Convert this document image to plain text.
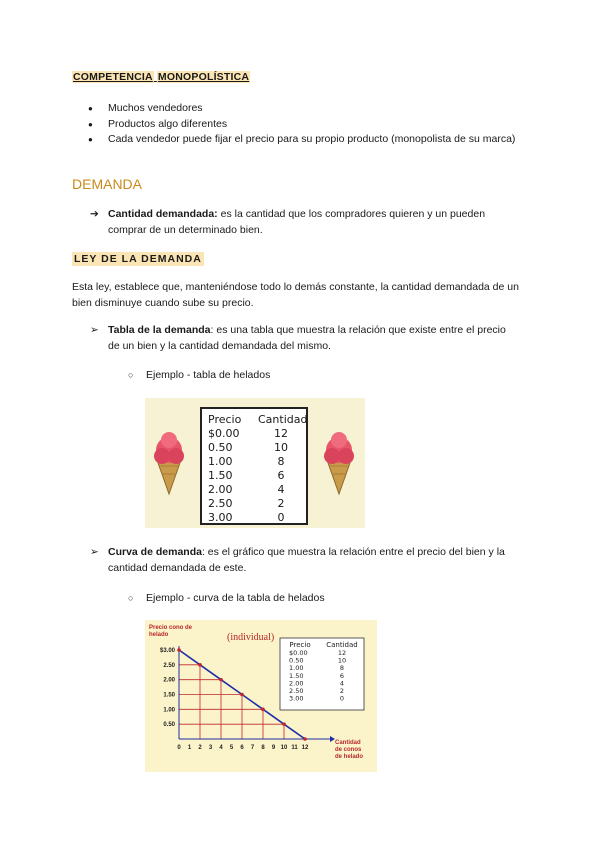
COMPETENCIA MONOPOLÍSTICA
● Muchos vendedores
● Productos algo diferentes
● Cada vendedor puede fijar el precio para su propio producto (monopolista de su marca)
DEMANDA
➔ Cantidad demandada: es la cantidad que los compradores quieren y un pueden comprar de un determinado bien.
LEY DE LA DEMANDA
Esta ley, establece que, manteniéndose todo lo demás constante, la cantidad demandada de un bien disminuye cuando sube su precio.
➢ Tabla de la demanda: es una tabla que muestra la relación que existe entre el precio de un bien y la cantidad demandada del mismo.
○ Ejemplo - tabla de helados
Precio Cantidad
$0.00	12
0.50	10
1.00	8
1.50	6
2.00	4
2.50	2
3.00	0
➢ Curva de demanda: es el gráfico que muestra la relación entre el precio del bien y la cantidad demandada de este.
○ Ejemplo - curva de la tabla de helados
Precio cono de
helado
Cantidad
de conos
de helado
(individual)
$3.00
2.50
2.00
1.50
1.00
0.50
0 1 2 3 4 5 6 7 8 9 10 11 12
Precio Cantidad
$0.00	12
0.50	10
1.00	8
1.50	6
2.00	4
2.50	2
3.00	0
